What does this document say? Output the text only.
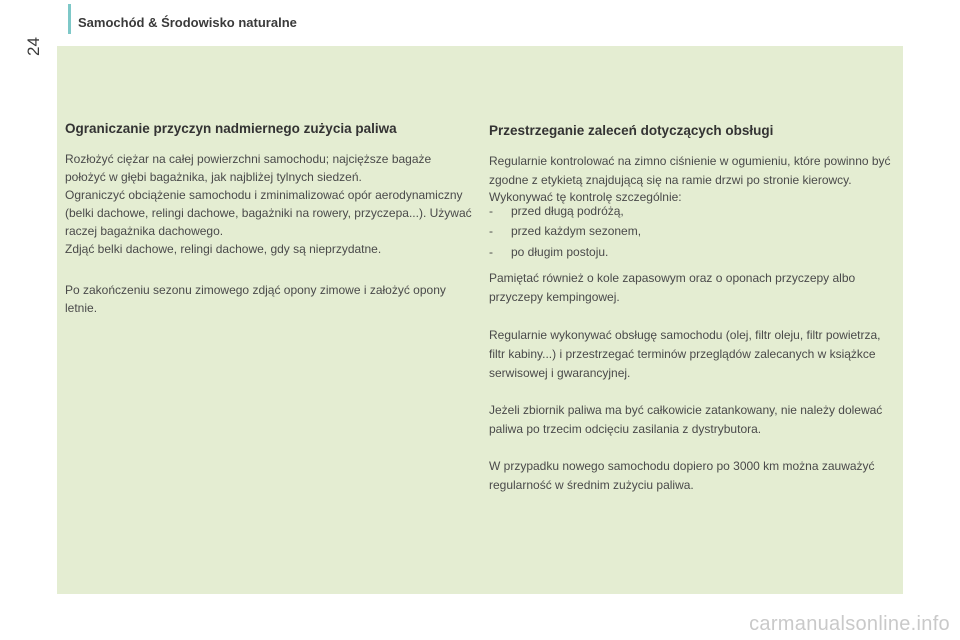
Samochód & Środowisko naturalne
24
Ograniczanie przyczyn nadmiernego zużycia paliwa

Rozłożyć ciężar na całej powierzchni samochodu; najcięższe bagaże położyć w głębi bagażnika, jak najbliżej tylnych siedzeń.

Ograniczyć obciążenie samochodu i zminimalizować opór aerodynamiczny (belki dachowe, relingi dachowe, bagażniki na rowery, przyczepa...). Używać raczej bagażnika dachowego.

Zdjąć belki dachowe, relingi dachowe, gdy są nieprzydatne.

Po zakończeniu sezonu zimowego zdjąć opony zimowe i założyć opony letnie.

Przestrzeganie zaleceń dotyczących obsługi

Regularnie kontrolować na zimno ciśnienie w ogumieniu, które powinno być zgodne z etykietą znajdującą się na ramie drzwi po stronie kierowcy.

Wykonywać tę kontrolę szczególnie:

-	przed długą podróżą,
-	przed każdym sezonem,
-	po długim postoju.

Pamiętać również o kole zapasowym oraz o oponach przyczepy albo przyczepy kempingowej.

Regularnie wykonywać obsługę samochodu (olej, filtr oleju, filtr powietrza, filtr kabiny...) i przestrzegać terminów przeglądów zalecanych w książkce serwisowej i gwarancyjnej.

Jeżeli zbiornik paliwa ma być całkowicie zatankowany, nie należy dolewać paliwa po trzecim odcięciu zasilania z dystrybutora.

W przypadku nowego samochodu dopiero po 3000 km można zauważyć regularność w średnim zużyciu paliwa.

carmanualsonline.info
